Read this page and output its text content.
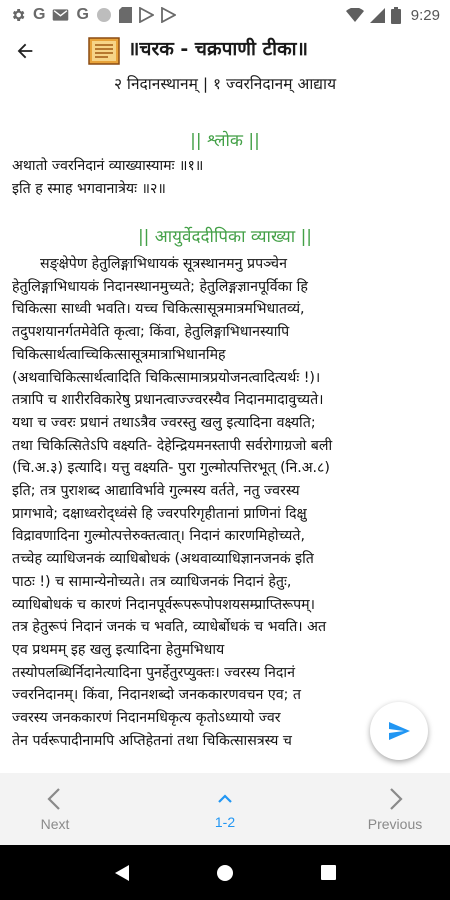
G G	9:29
॥चरक - चक्रपाणी टीका॥
२ निदानस्थानम् | १ ज्वरनिदानम् आद्याय
|| श्लोक ||
अथातो ज्वरनिदानं व्याख्यास्यामः ॥१॥
इति ह स्माह भगवानात्रेयः ॥२॥
|| आयुर्वेददीपिका व्याख्या ||
सङ्क्षेपेण हेतुलिङ्गाभिधायकं सूत्रस्थानमनु प्रपञ्चेन
हेतुलिङ्गाभिधायकं निदानस्थानमुच्यते; हेतुलिङ्गज्ञानपूर्विका हि
चिकित्सा साध्वी भवति। यच्च चिकित्सासूत्रमात्रमभिधातव्यं,
तदुपशयानर्गतमेवेति कृत्वा; किंवा, हेतुलिङ्गाभिधानस्यापि
चिकित्सार्थत्वाच्चिकित्सासूत्रमात्राभिधानमिह
(अथवाचिकित्सार्थत्वादिति चिकित्सामात्रप्रयोजनत्वादित्यर्थः !)।
तत्रापि च शारीरविकारेषु प्रधानत्वाज्ज्वरस्यैव निदानमादावुच्यते।
यथा च ज्वरः प्रधानं तथाऽत्रैव ज्वरस्तु खलु इत्यादिना वक्ष्यति;
तथा चिकित्सितेऽपि वक्ष्यति- देहेन्द्रियमनस्तापी सर्वरोगाग्रजो बली
(चि.अ.३) इत्यादि। यत्तु वक्ष्यति- पुरा गुल्मोत्पत्तिरभूत् (नि.अ.८)
इति; तत्र पुराशब्द आद्याविर्भावे गुल्मस्य वर्तते, नतु ज्वरस्य
प्रागभावे; दक्षाध्वरोद्ध्वंसे हि ज्वरपरिगृहीतानां प्राणिनां दिक्षु
विद्रावणादिना गुल्मोत्पत्तेरुक्तत्वात्। निदानं कारणमिहोच्यते,
तच्चेह व्याधिजनकं व्याधिबोधकं (अथवाव्याधिज्ञानजनकं इति
पाठः !) च सामान्येनोच्यते। तत्र व्याधिजनकं निदानं हेतुः,
व्याधिबोधकं च कारणं निदानपूर्वरूपरूपोपशयसम्प्राप्तिरूपम्।
तत्र हेतुरूपं निदानं जनकं च भवति, व्याधेर्बोधकं च भवति। अत
एव प्रथमम् इह खलु इत्यादिना हेतुमभिधाय
तस्योपलब्धिर्निदानेत्यादिना पुनर्हेतुरप्युक्तः। ज्वरस्य निदानं
ज्वरनिदानम्। किंवा, निदानशब्दो जनककारणवचन एव; त
ज्वरस्य जनककारणं निदानमधिकृत्य कृतोऽध्यायो ज्वर
तेन पर्वरूपादीनामपि अप्तिहेतनां तथा चिकित्सासत्रस्य च
Next	1-2	Previous
